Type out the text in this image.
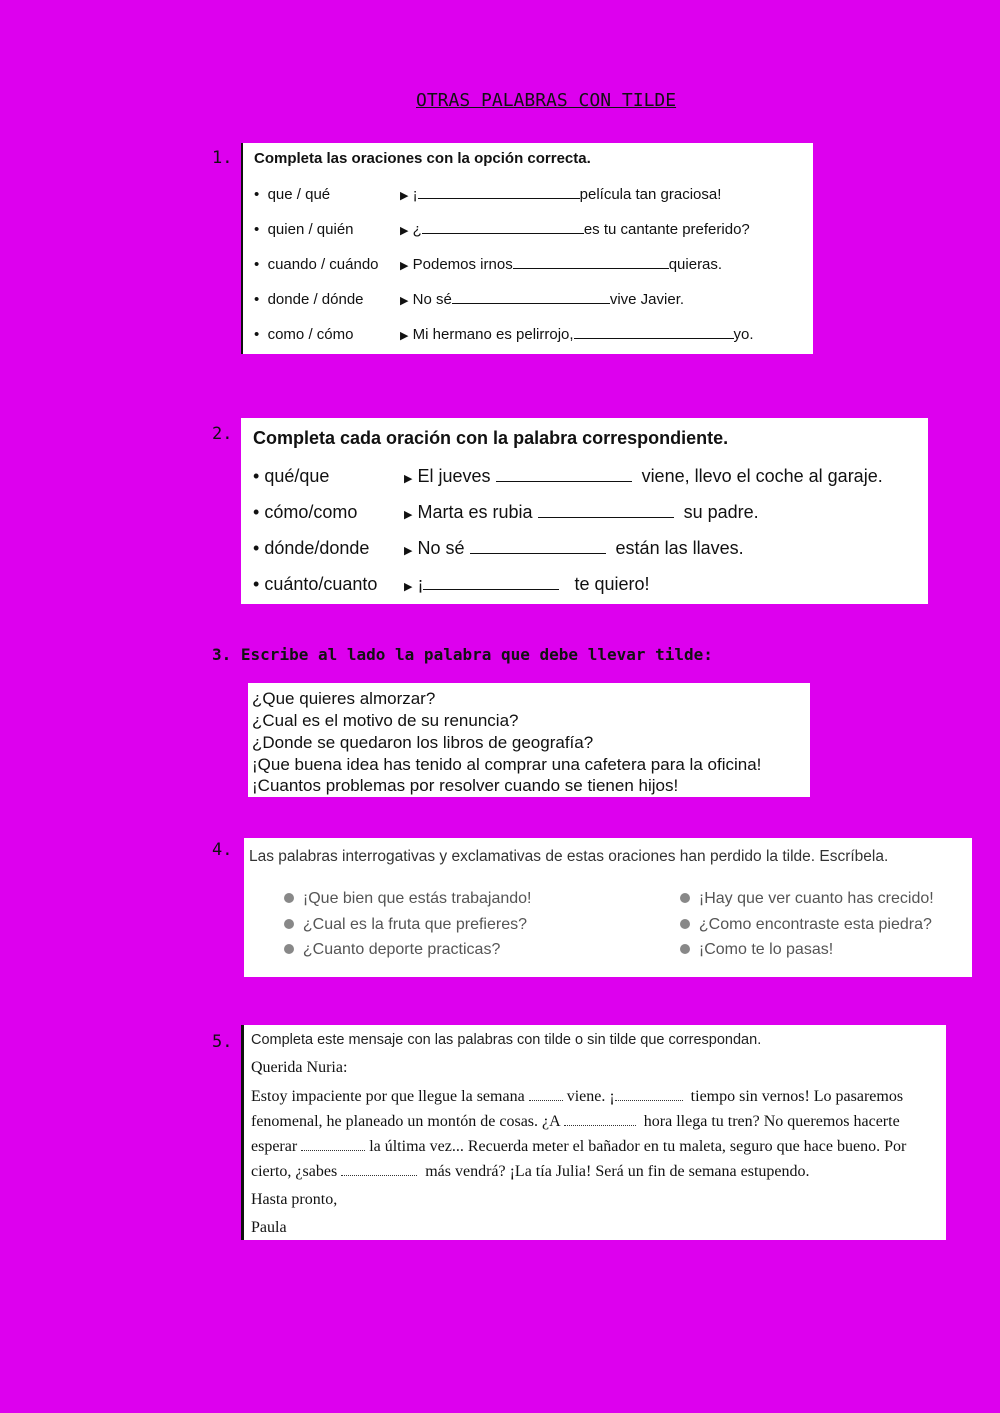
OTRAS PALABRAS CON TILDE
1. Completa las oraciones con la opción correcta.
•  que / qué	▶ ¡	película tan graciosa!
•  quien / quién	▶ ¿	es tu cantante preferido?
•  cuando / cuándo ▶ Podemos irnos	quieras.
•  donde / dónde	▶ No sé	vive Javier.
•  como / cómo	▶ Mi hermano es pelirrojo,	yo.
2. Completa cada oración con la palabra correspondiente.
• qué/que	▶ El jueves	viene, llevo el coche al garaje.
• cómo/como	▶ Marta es rubia	su padre.
• dónde/donde	▶ No sé	están las llaves.
• cuánto/cuanto ▶ ¡	te quiero!
3. Escribe al lado la palabra que debe llevar tilde:
¿Que quieres almorzar?
¿Cual es el motivo de su renuncia?
¿Donde se quedaron los libros de geografía?
¡Que buena idea has tenido al comprar una cafetera para la oficina!
¡Cuantos problemas por resolver cuando se tienen hijos!
4. Las palabras interrogativas y exclamativas de estas oraciones han perdido la tilde. Escríbela.
¡Que bien que estás trabajando!
¿Cual es la fruta que prefieres?
¿Cuanto deporte practicas?
¡Hay que ver cuanto has crecido!
¿Como encontraste esta piedra?
¡Como te lo pasas!
5. Completa este mensaje con las palabras con tilde o sin tilde que correspondan.
Querida Nuria:
Estoy impaciente por que llegue la semana	viene. ¡	tiempo sin vernos! Lo pasaremos
fenomenal, he planeado un montón de cosas. ¿A	hora llega tu tren? No queremos hacerte
esperar	la última vez... Recuerda meter el bañador en tu maleta, seguro que hace bueno. Por
cierto, ¿sabes	más vendrá? ¡La tía Julia! Será un fin de semana estupendo.
Hasta pronto,
Paula
